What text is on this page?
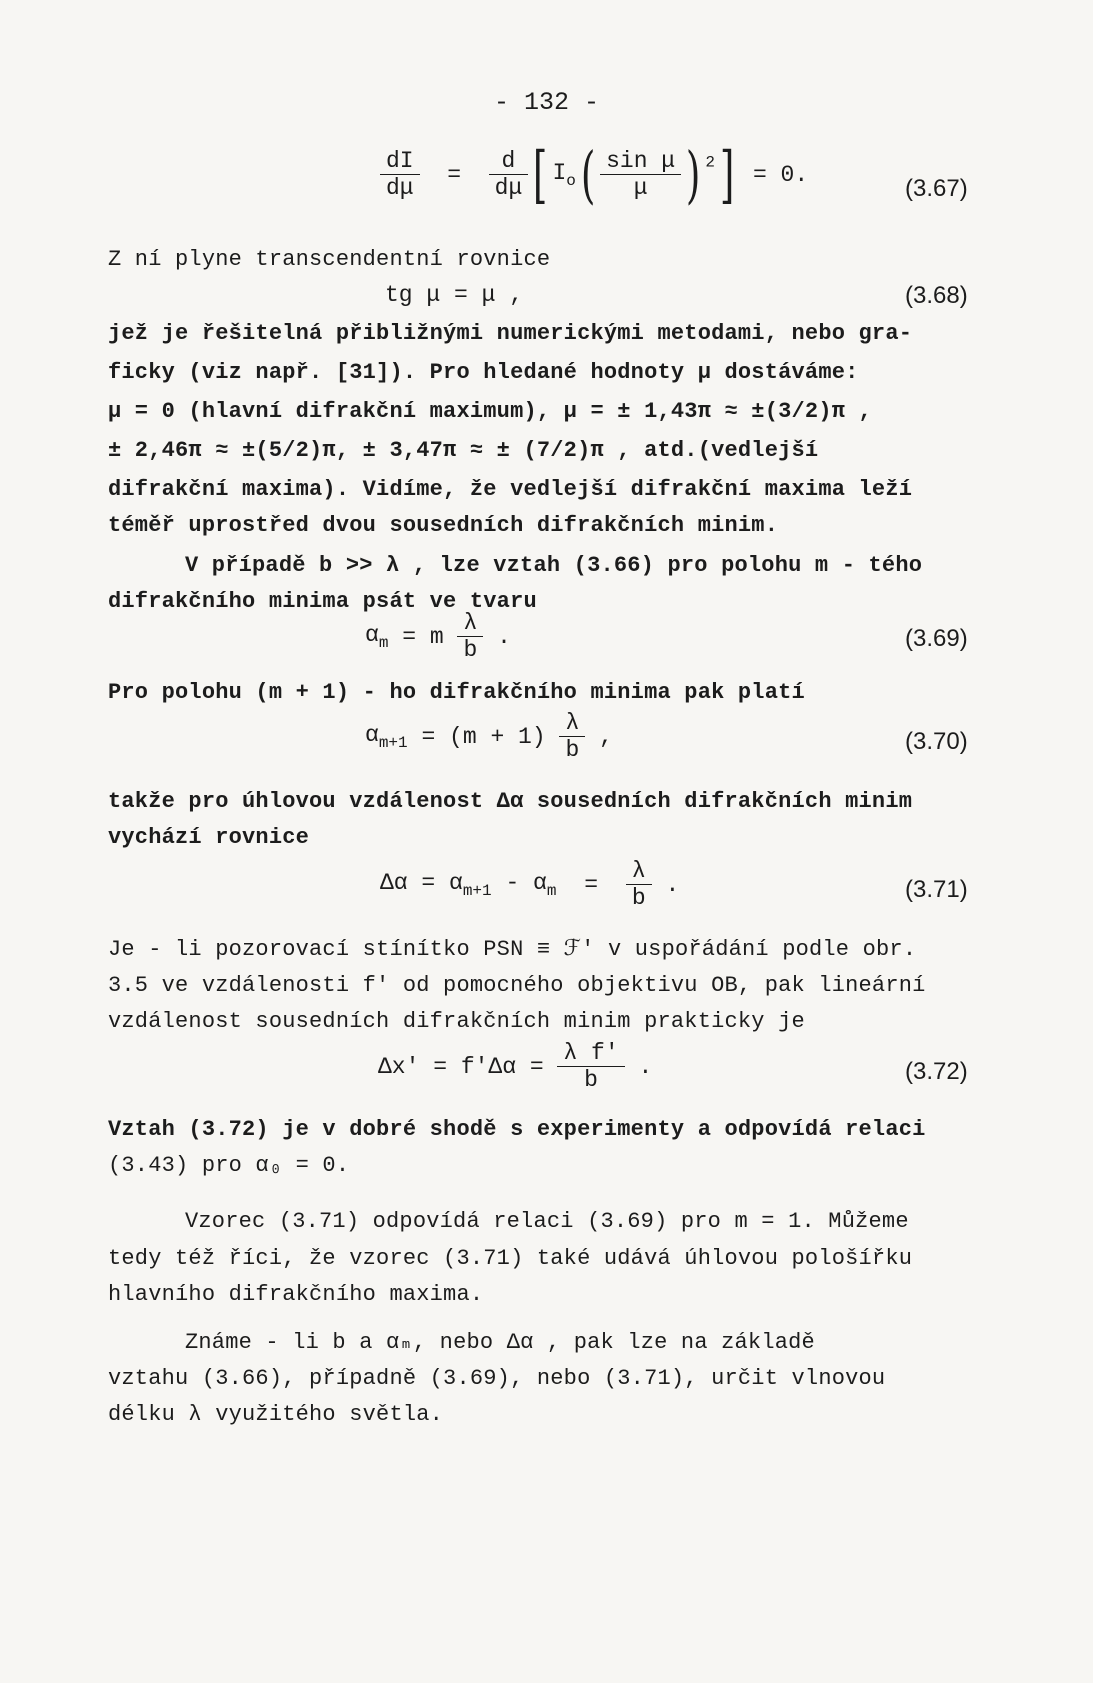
- 132 -
$\frac{dI}{d\mu} = \frac{d}{d\mu}$ [ $I_o( \frac{\text{sin μ}}{\mu}$ ) $^2$] = 0.
(3.67)
Z ní plyne transcendentní rovnice
tg μ = μ ,	(3.68)
jež je řešitelná přibližnými numerickými metodami, nebo gra-
ficky (viz např. [31]). Pro hledané hodnoty μ dostáváme:
μ = 0 (hlavní difrakční maximum), μ = ± 1,43π ≈ ±(3/2)π ,
± 2,46π ≈ ±(5/2)π, ± 3,47π ≈ ± (7/2)π , atd.(vedlejší
difrakční maxima). Vidíme, že vedlejší difrakční maxima leží
téměř uprostřed dvou sousedních difrakčních minim.
V případě b >> λ , lze vztah (3.66) pro polohu m - tého
difrakčního minima psát ve tvaru
$\alpha_m = m \frac{\lambda}{b}$ .	(3.69)
Pro polohu (m + 1) - ho difrakčního minima pak platí
$\alpha_{m+1} = (m + 1) \frac{\lambda}{b}$ ,	(3.70)
takže pro úhlovou vzdálenost Δα sousedních difrakčních minim
vychází rovnice
$\Delta\alpha = \alpha_{m+1} - \alpha_m = \frac{\lambda}{b}$ .	(3.71)
Je - li pozorovací stínítko PSN ≡ ℱ' v uspořádání podle obr.
3.5 ve vzdálenosti f' od pomocného objektivu OB, pak lineární
vzdálenost sousedních difrakčních minim prakticky je
$\Delta x' = f'\Delta\alpha = \frac{\text{λ f'}}{b}$ .	(3.72)
Vztah (3.72) je v dobré shodě s experimenty a odpovídá relaci
(3.43) pro α₀ = 0.
Vzorec (3.71) odpovídá relaci (3.69) pro m = 1. Můžeme
tedy též říci, že vzorec (3.71) také udává úhlovou pološířku
hlavního difrakčního maxima.
Známe - li b a αₘ, nebo Δα , pak lze na základě
vztahu (3.66), případně (3.69), nebo (3.71), určit vlnovou
délku λ využitého světla.
